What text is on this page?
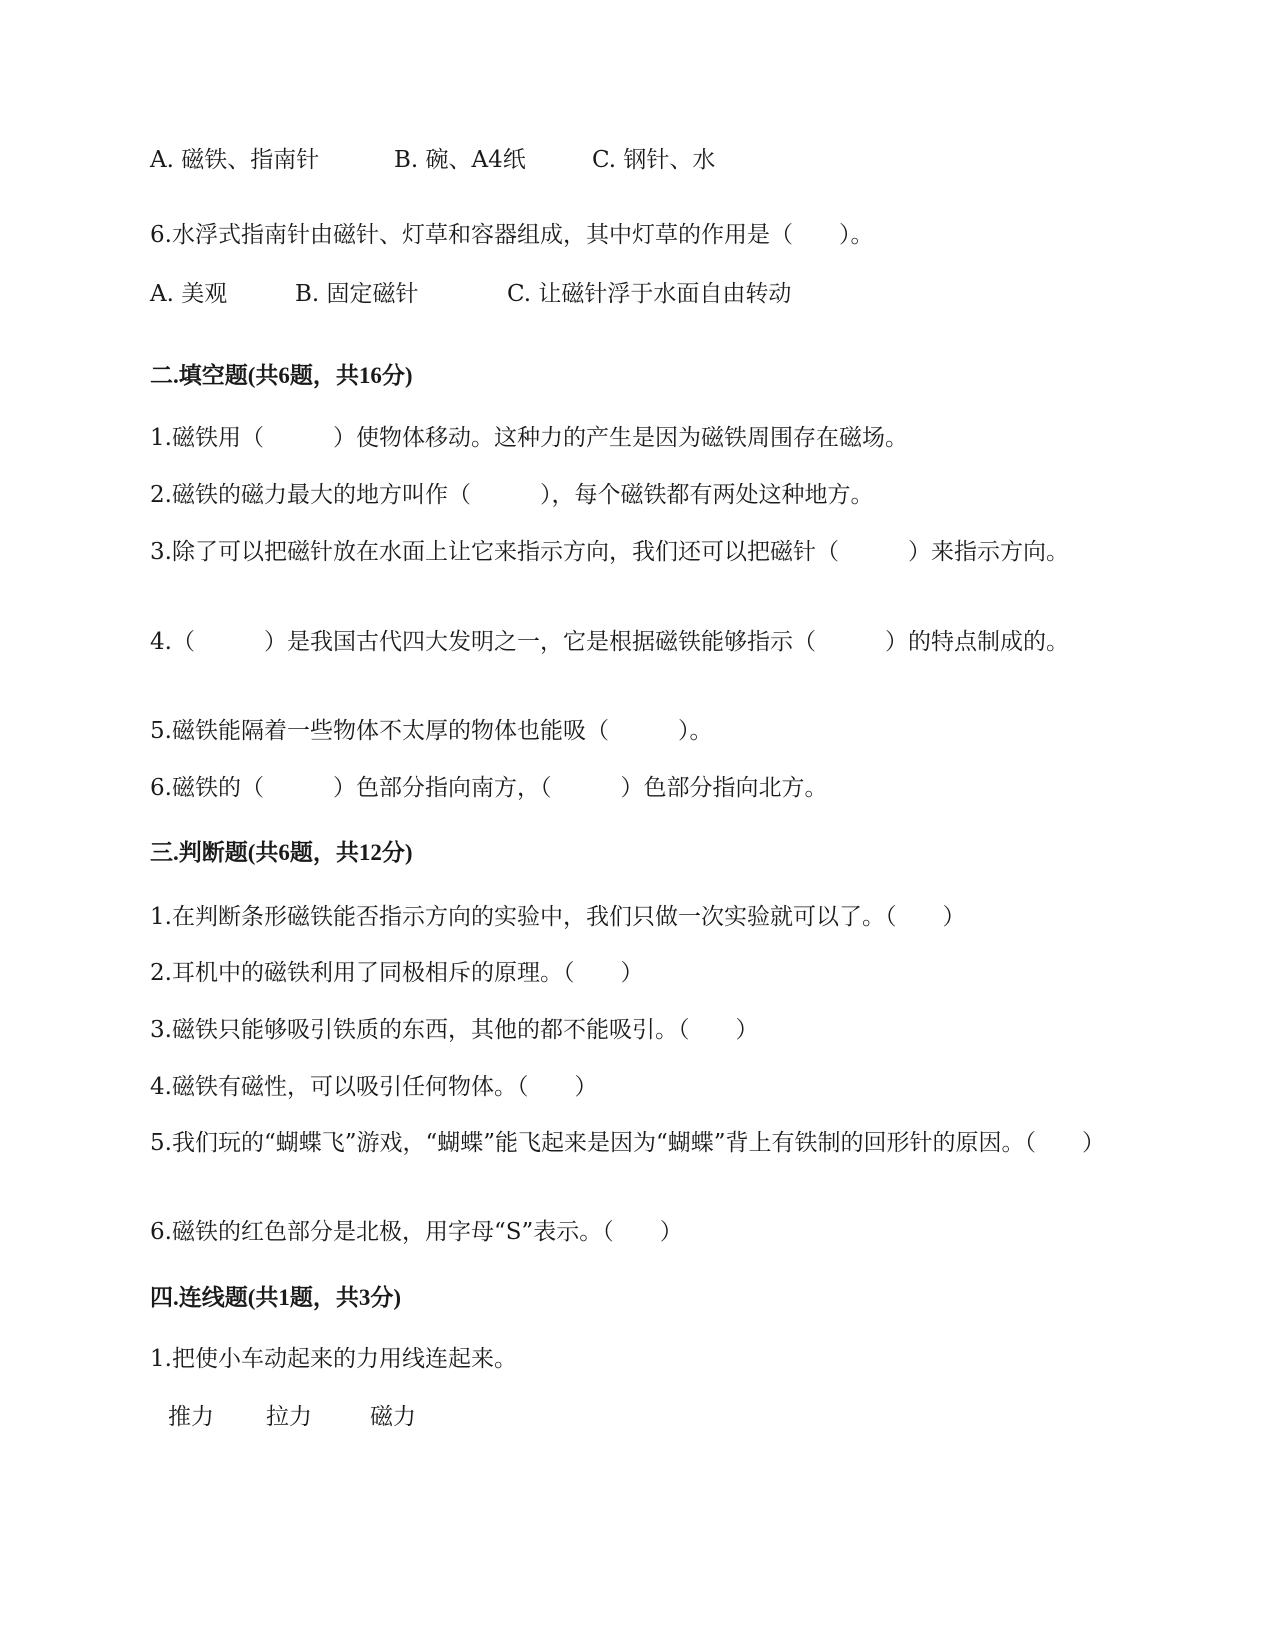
A. 磁铁、指南针	B. 碗、A4纸	C. 钢针、水
6.水浮式指南针由磁针、灯草和容器组成，其中灯草的作用是（　　）。
A. 美观	B. 固定磁针	C. 让磁针浮于水面自由转动
二.填空题(共6题，共16分)
1.磁铁用（　　　）使物体移动。这种力的产生是因为磁铁周围存在磁场。
2.磁铁的磁力最大的地方叫作（　　　），每个磁铁都有两处这种地方。
3.除了可以把磁针放在水面上让它来指示方向，我们还可以把磁针（　　　）来指示方向。
4.（　　　）是我国古代四大发明之一，它是根据磁铁能够指示（　　　）的特点制成的。
5.磁铁能隔着一些物体不太厚的物体也能吸（　　　）。
6.磁铁的（　　　）色部分指向南方，（　　　）色部分指向北方。
三.判断题(共6题，共12分)
1.在判断条形磁铁能否指示方向的实验中，我们只做一次实验就可以了。（　　）
2.耳机中的磁铁利用了同极相斥的原理。（　　）
3.磁铁只能够吸引铁质的东西，其他的都不能吸引。（　　）
4.磁铁有磁性，可以吸引任何物体。（　　）
5.我们玩的“蝴蝶飞”游戏，“蝴蝶”能飞起来是因为“蝴蝶”背上有铁制的回形针的原因。（　　）
6.磁铁的红色部分是北极，用字母“S”表示。（　　）
四.连线题(共1题，共3分)
1.把使小车动起来的力用线连起来。
推力 拉力	磁力
